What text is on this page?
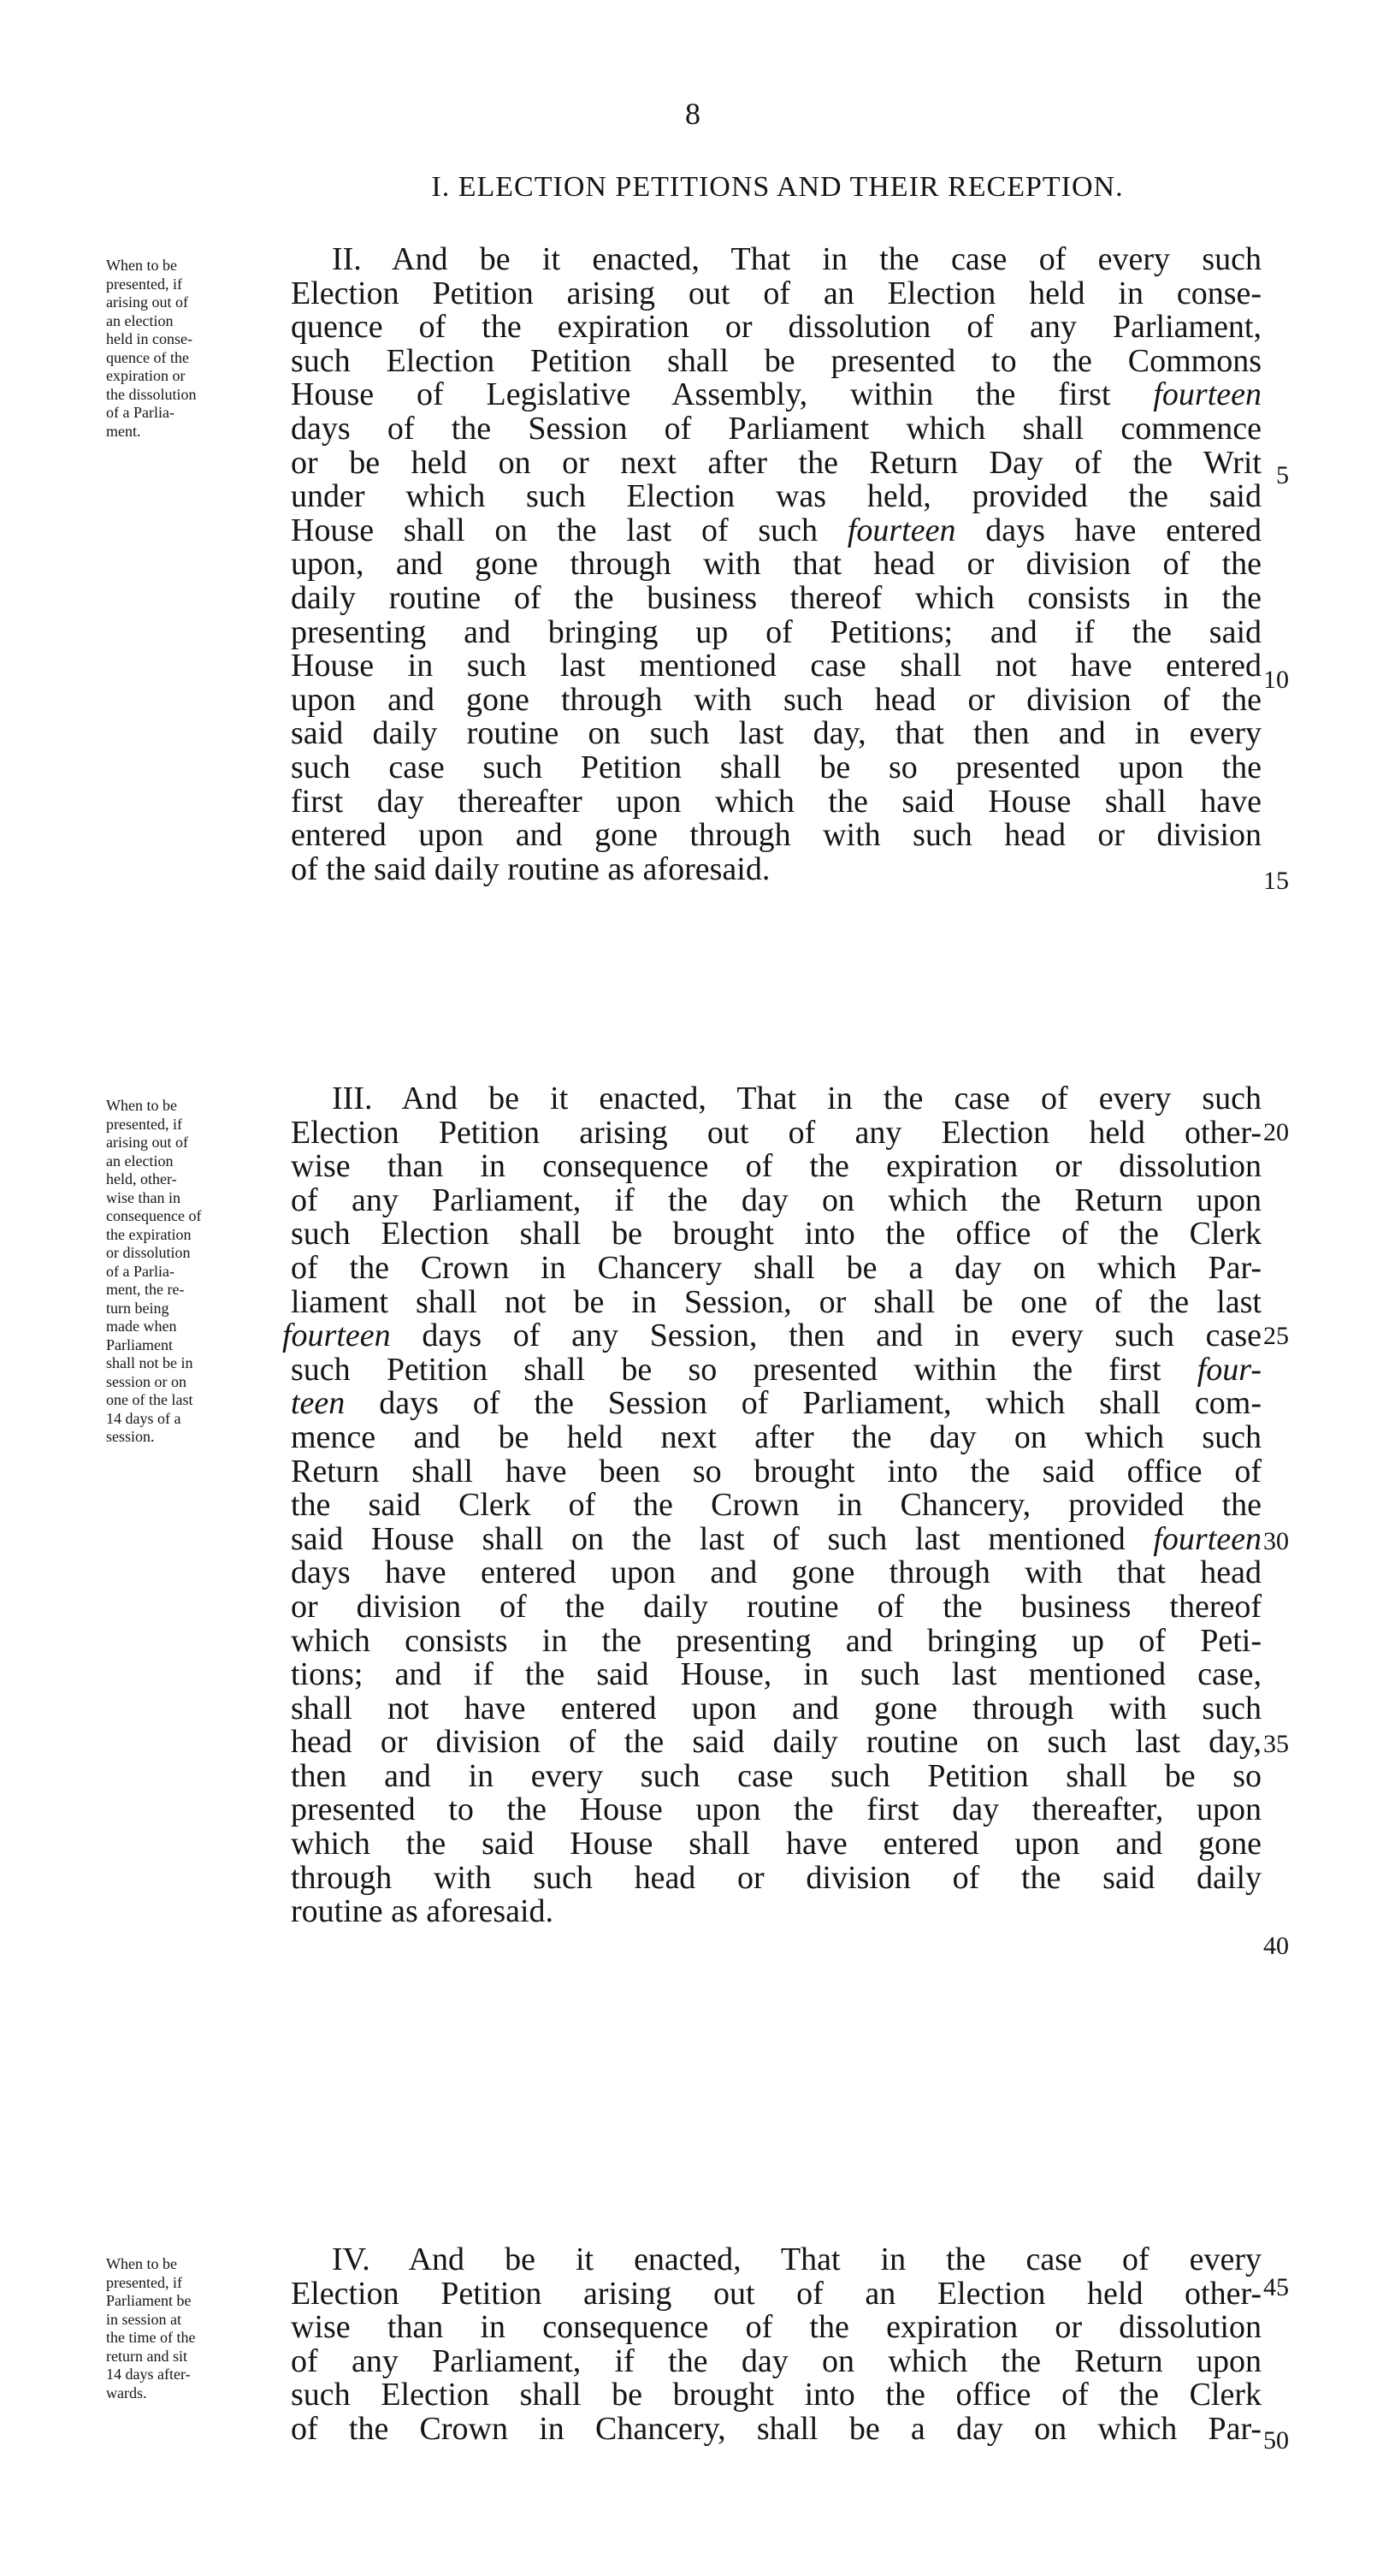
8
I. ELECTION PETITIONS AND THEIR RECEPTION.
When to be
presented, if
arising out of
an election
held in conse-
quence of the
expiration or
the dissolution
of a Parlia-
ment.
II. And be it enacted, That in the case of every such
Election Petition arising out of an Election held in conse-
quence of the expiration or dissolution of any Parliament,
such Election Petition shall be presented to the Commons
House of Legislative Assembly, within the first fourteen
days of the Session of Parliament which shall commence
or be held on or next after the Return Day of the Writ
under which such Election was held, provided the said
House shall on the last of such fourteen days have entered
upon, and gone through with that head or division of the
daily routine of the business thereof which consists in the
presenting and bringing up of Petitions; and if the said
House in such last mentioned case shall not have entered
upon and gone through with such head or division of the
said daily routine on such last day, that then and in every
such case such Petition shall be so presented upon the
first day thereafter upon which the said House shall have
entered upon and gone through with such head or division
of the said daily routine as aforesaid.
When to be
presented, if
arising out of
an election
held, other-
wise than in
consequence of
the expiration
or dissolution
of a Parlia-
ment, the re-
turn being
made when
Parliament
shall not be in
session or on
one of the last
14 days of a
session.
III. And be it enacted, That in the case of every such
Election Petition arising out of any Election held other-
wise than in consequence of the expiration or dissolution
of any Parliament, if the day on which the Return upon
such Election shall be brought into the office of the Clerk
of the Crown in Chancery shall be a day on which Par-
liament shall not be in Session, or shall be one of the last
fourteen days of any Session, then and in every such case
such Petition shall be so presented within the first four-
teen days of the Session of Parliament, which shall com-
mence and be held next after the day on which such
Return shall have been so brought into the said office of
the said Clerk of the Crown in Chancery, provided the
said House shall on the last of such last mentioned fourteen
days have entered upon and gone through with that head
or division of the daily routine of the business thereof
which consists in the presenting and bringing up of Peti-
tions; and if the said House, in such last mentioned case,
shall not have entered upon and gone through with such
head or division of the said daily routine on such last day,
then and in every such case such Petition shall be so
presented to the House upon the first day thereafter, upon
which the said House shall have entered upon and gone
through with such head or division of the said daily
routine as aforesaid.
When to be
presented, if
Parliament be
in session at
the time of the
return and sit
14 days after-
wards.
IV. And be it enacted, That in the case of every
Election Petition arising out of an Election held other-
wise than in consequence of the expiration or dissolution
of any Parliament, if the day on which the Return upon
such Election shall be brought into the office of the Clerk
of the Crown in Chancery, shall be a day on which Par-
5
10
15
20
25
30
35
40
45
50
